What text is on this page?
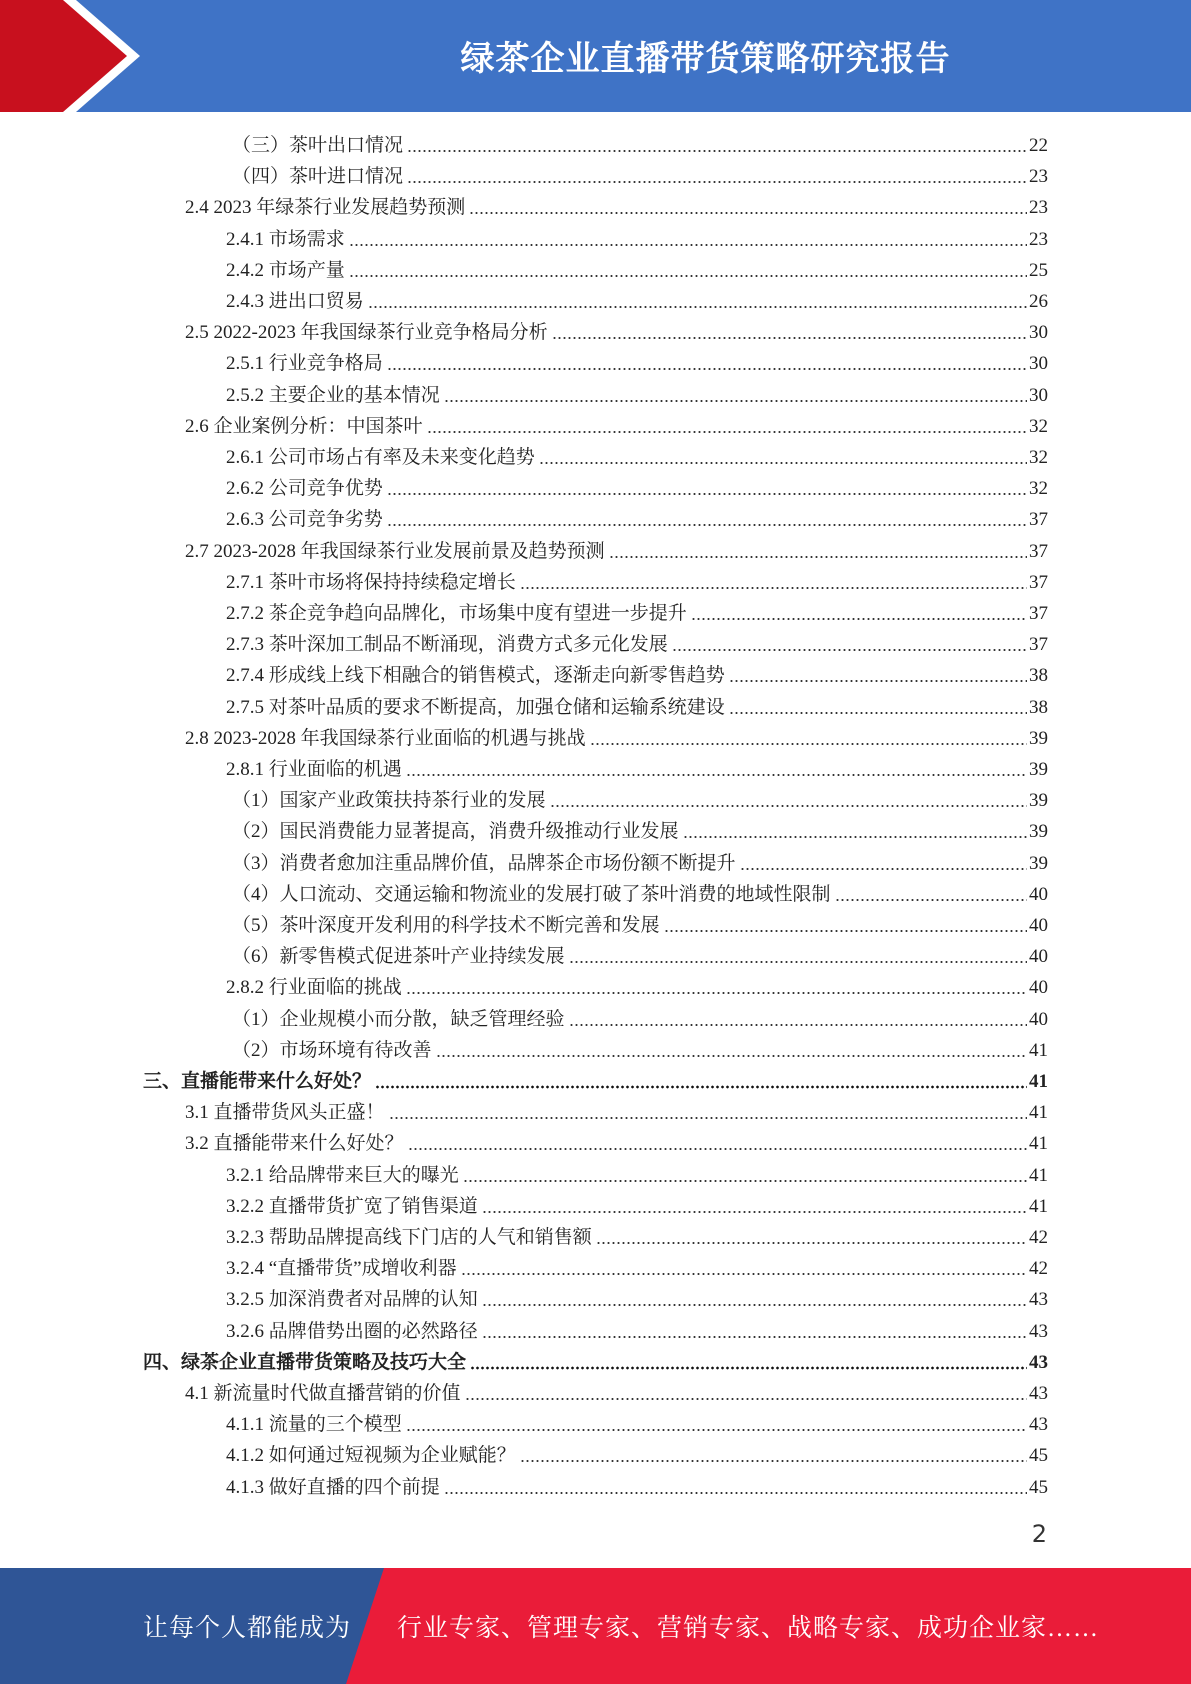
绿茶企业直播带货策略研究报告
（三）茶叶出口情况	22
（四）茶叶进口情况	23
2.4 2023 年绿茶行业发展趋势预测	23
2.4.1 市场需求	23
2.4.2 市场产量	25
2.4.3 进出口贸易	26
2.5 2022-2023 年我国绿茶行业竞争格局分析	30
2.5.1 行业竞争格局	30
2.5.2 主要企业的基本情况	30
2.6 企业案例分析：中国茶叶	32
2.6.1 公司市场占有率及未来变化趋势	32
2.6.2 公司竞争优势	32
2.6.3 公司竞争劣势	37
2.7 2023-2028 年我国绿茶行业发展前景及趋势预测	37
2.7.1 茶叶市场将保持持续稳定增长	37
2.7.2 茶企竞争趋向品牌化，市场集中度有望进一步提升	37
2.7.3 茶叶深加工制品不断涌现，消费方式多元化发展	37
2.7.4 形成线上线下相融合的销售模式，逐渐走向新零售趋势	38
2.7.5 对茶叶品质的要求不断提高，加强仓储和运输系统建设	38
2.8 2023-2028 年我国绿茶行业面临的机遇与挑战	39
2.8.1 行业面临的机遇	39
（1）国家产业政策扶持茶行业的发展	39
（2）国民消费能力显著提高，消费升级推动行业发展	39
（3）消费者愈加注重品牌价值，品牌茶企市场份额不断提升	39
（4）人口流动、交通运输和物流业的发展打破了茶叶消费的地域性限制	40
（5）茶叶深度开发利用的科学技术不断完善和发展	40
（6）新零售模式促进茶叶产业持续发展	40
2.8.2 行业面临的挑战	40
（1）企业规模小而分散，缺乏管理经验	40
（2）市场环境有待改善	41
三、直播能带来什么好处？	41
3.1 直播带货风头正盛！	41
3.2 直播能带来什么好处？	41
3.2.1 给品牌带来巨大的曝光	41
3.2.2 直播带货扩宽了销售渠道	41
3.2.3 帮助品牌提高线下门店的人气和销售额	42
3.2.4 “直播带货”成增收利器	42
3.2.5 加深消费者对品牌的认知	43
3.2.6 品牌借势出圈的必然路径	43
四、绿茶企业直播带货策略及技巧大全	43
4.1 新流量时代做直播营销的价值	43
4.1.1 流量的三个模型	43
4.1.2 如何通过短视频为企业赋能？	45
4.1.3 做好直播的四个前提	45
2
让每个人都能成为 行业专家、管理专家、营销专家、战略专家、成功企业家……
